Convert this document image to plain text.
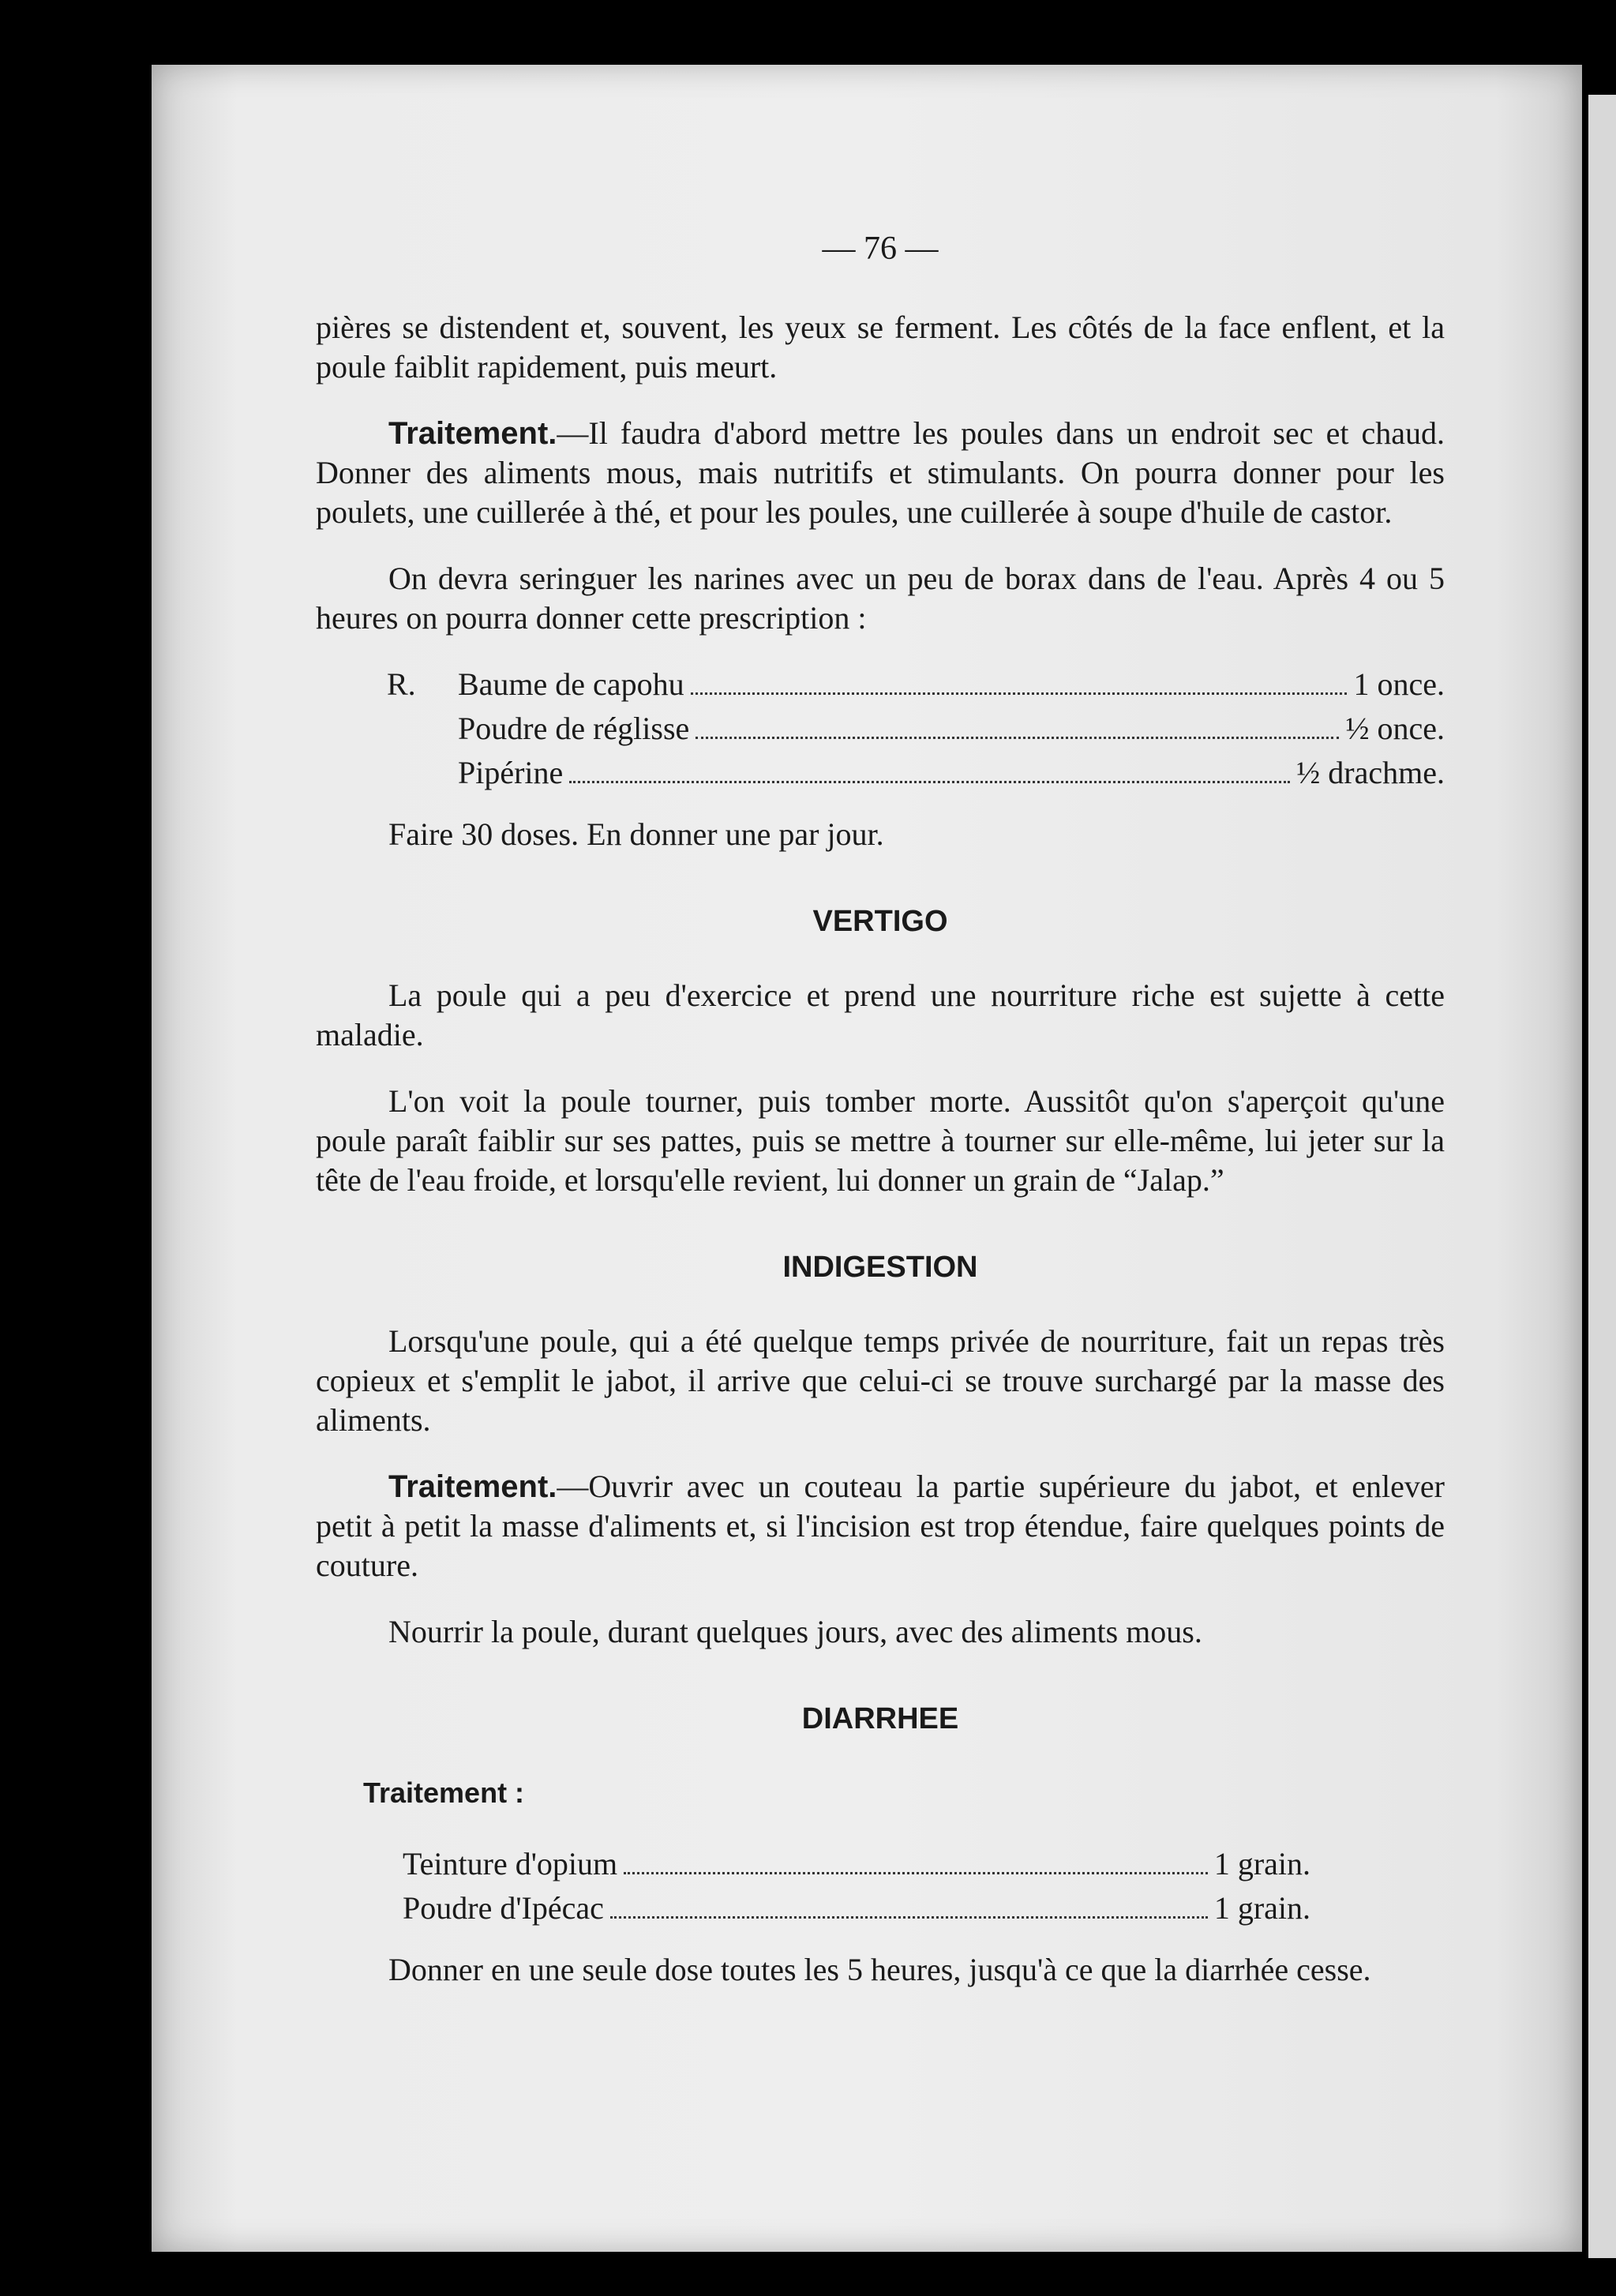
— 76 —

pières se distendent et, souvent, les yeux se ferment. Les côtés de la face enflent, et la poule faiblit rapidement, puis meurt.

Traitement.—Il faudra d'abord mettre les poules dans un endroit sec et chaud. Donner des aliments mous, mais nutritifs et stimulants. On pourra donner pour les poulets, une cuillerée à thé, et pour les poules, une cuillerée à soupe d'huile de castor.

On devra seringuer les narines avec un peu de borax dans de l'eau. Après 4 ou 5 heures on pourra donner cette prescription :

R.	Baume de capohu	1 once.
Poudre de réglisse	½ once.
Pipérine	½ drachme.

Faire 30 doses. En donner une par jour.

VERTIGO

La poule qui a peu d'exercice et prend une nourriture riche est sujette à cette maladie.

L'on voit la poule tourner, puis tomber morte. Aussitôt qu'on s'aperçoit qu'une poule paraît faiblir sur ses pattes, puis se mettre à tourner sur elle-même, lui jeter sur la tête de l'eau froide, et lorsqu'elle revient, lui donner un grain de “Jalap.”

INDIGESTION

Lorsqu'une poule, qui a été quelque temps privée de nourriture, fait un repas très copieux et s'emplit le jabot, il arrive que celui-ci se trouve surchargé par la masse des aliments.

Traitement.—Ouvrir avec un couteau la partie supérieure du jabot, et enlever petit à petit la masse d'aliments et, si l'incision est trop étendue, faire quelques points de couture.

Nourrir la poule, durant quelques jours, avec des aliments mous.

DIARRHEE
Traitement :
Teinture d'opium	1 grain.
Poudre d'Ipécac	1 grain.

Donner en une seule dose toutes les 5 heures, jusqu'à ce que la diarrhée cesse.
